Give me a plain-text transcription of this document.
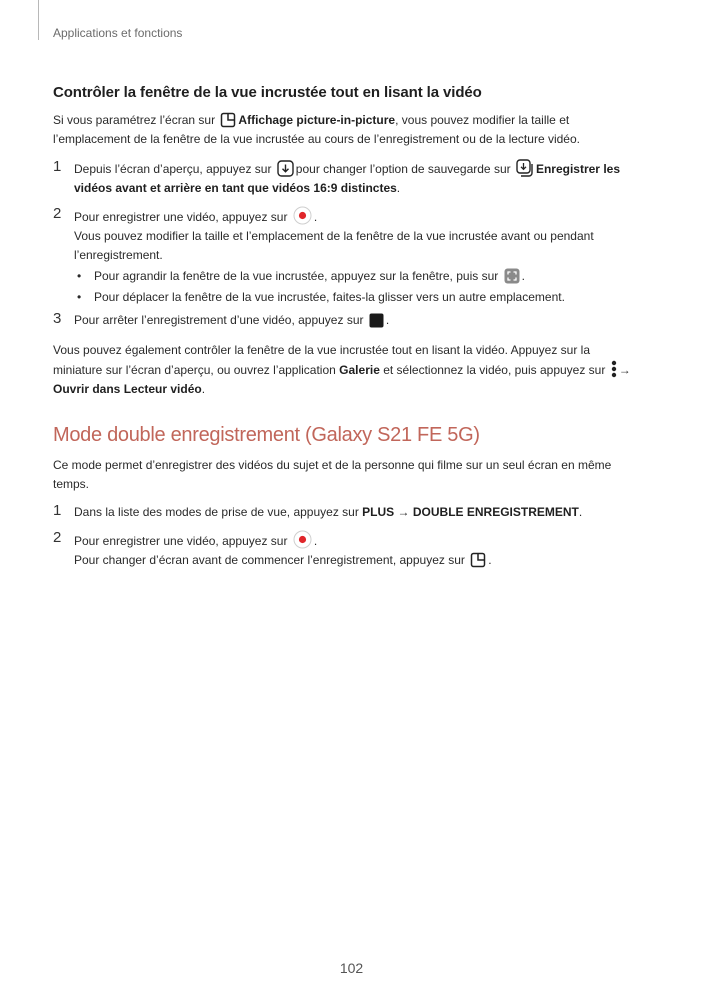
Applications et fonctions
Contrôler la fenêtre de la vue incrustée tout en lisant la vidéo
Si vous paramétrez l’écran sur Affichage picture-in-picture, vous pouvez modifier la taille et
l’emplacement de la fenêtre de la vue incrustée au cours de l’enregistrement ou de la lecture vidéo.
1 Depuis l’écran d’aperçu, appuyez sur pour changer l’option de sauvegarde sur Enregistrer les
vidéos avant et arrière en tant que vidéos 16:9 distinctes.
2 Pour enregistrer une vidéo, appuyez sur .
Vous pouvez modifier la taille et l’emplacement de la fenêtre de la vue incrustée avant ou pendant
l’enregistrement.
• Pour agrandir la fenêtre de la vue incrustée, appuyez sur la fenêtre, puis sur .
• Pour déplacer la fenêtre de la vue incrustée, faites-la glisser vers un autre emplacement.
3 Pour arrêter l’enregistrement d’une vidéo, appuyez sur .
Vous pouvez également contrôler la fenêtre de la vue incrustée tout en lisant la vidéo. Appuyez sur la
miniature sur l’écran d’aperçu, ou ouvrez l’application Galerie et sélectionnez la vidéo, puis appuyez sur →
Ouvrir dans Lecteur vidéo.
Mode double enregistrement (Galaxy S21 FE 5G)
Ce mode permet d’enregistrer des vidéos du sujet et de la personne qui filme sur un seul écran en même
temps.
1 Dans la liste des modes de prise de vue, appuyez sur PLUS → DOUBLE ENREGISTREMENT.
2 Pour enregistrer une vidéo, appuyez sur .
Pour changer d’écran avant de commencer l’enregistrement, appuyez sur .
102
